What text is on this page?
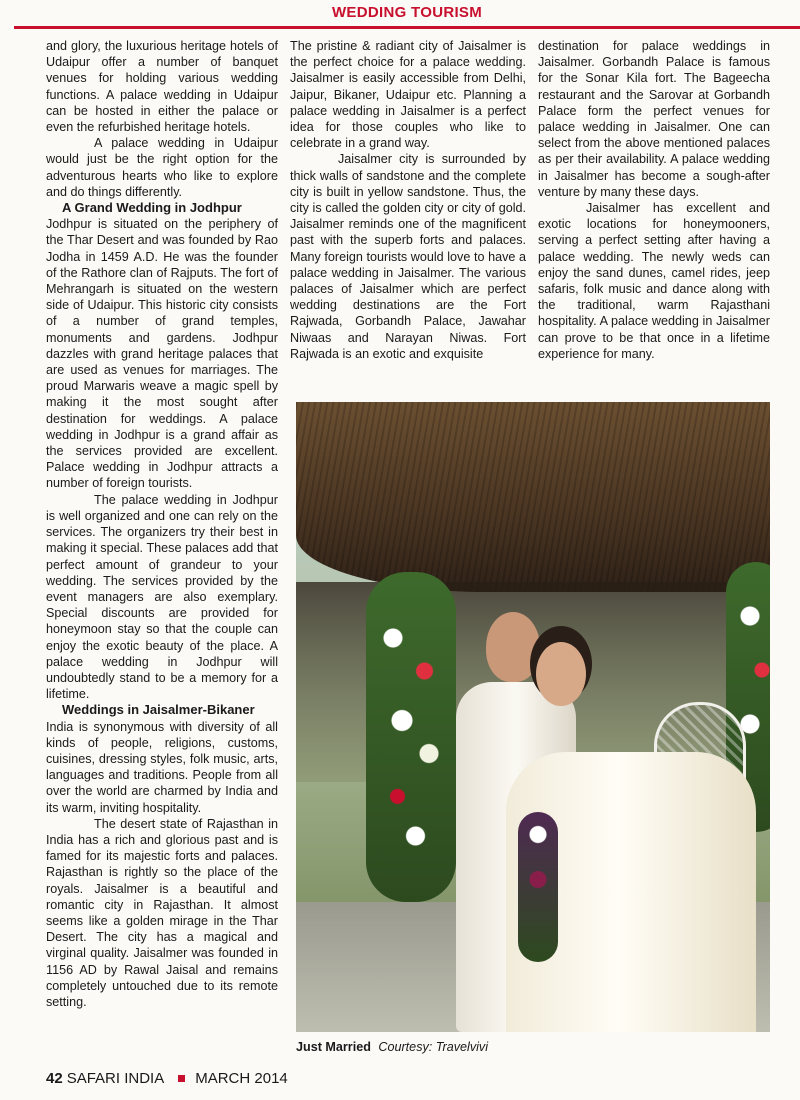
WEDDING TOURISM

and glory, the luxurious heritage hotels of Udaipur offer a number of banquet venues for holding various wedding functions. A palace wedding in Udaipur can be hosted in either the palace or even the refurbished heritage hotels.

A palace wedding in Udaipur would just be the right option for the adventurous hearts who like to explore and do things differently.

A Grand Wedding in Jodhpur

Jodhpur is situated on the periphery of the Thar Desert and was founded by Rao Jodha in 1459 A.D. He was the founder of the Rathore clan of Rajputs. The fort of Mehrangarh is situated on the western side of Udaipur. This historic city consists of a number of grand temples, monuments and gardens. Jodhpur dazzles with grand heritage palaces that are used as venues for marriages. The proud Marwaris weave a magic spell by making it the most sought after destination for weddings. A palace wedding in Jodhpur is a grand affair as the services provided are excellent. Palace wedding in Jodhpur attracts a number of foreign tourists.

The palace wedding in Jodhpur is well organized and one can rely on the services. The organizers try their best in making it special. These palaces add that perfect amount of grandeur to your wedding. The services provided by the event managers are also exemplary. Special discounts are provided for honeymoon stay so that the couple can enjoy the exotic beauty of the place. A palace wedding in Jodhpur will undoubtedly stand to be a memory for a lifetime.

Weddings in Jaisalmer-Bikaner

India is synonymous with diversity of all kinds of people, religions, customs, cuisines, dressing styles, folk music, arts, languages and traditions. People from all over the world are charmed by India and its warm, inviting hospitality.

The desert state of Rajasthan in India has a rich and glorious past and is famed for its majestic forts and palaces. Rajasthan is rightly so the place of the royals. Jaisalmer is a beautiful and romantic city in Rajasthan. It almost seems like a golden mirage in the Thar Desert. The city has a magical and virginal quality. Jaisalmer was founded in 1156 AD by Rawal Jaisal and remains completely untouched due to its remote setting.

The pristine & radiant city of Jaisalmer is the perfect choice for a palace wedding. Jaisalmer is easily accessible from Delhi, Jaipur, Bikaner, Udaipur etc. Planning a palace wedding in Jaisalmer is a perfect idea for those couples who like to celebrate in a grand way.

Jaisalmer city is surrounded by thick walls of sandstone and the complete city is built in yellow sandstone. Thus, the city is called the golden city or city of gold. Jaisalmer reminds one of the magnificent past with the superb forts and palaces. Many foreign tourists would love to have a palace wedding in Jaisalmer. The various palaces of Jaisalmer which are perfect wedding destinations are the Fort Rajwada, Gorbandh Palace, Jawahar Niwaas and Narayan Niwas. Fort Rajwada is an exotic and exquisite

destination for palace weddings in Jaisalmer. Gorbandh Palace is famous for the Sonar Kila fort. The Bageecha restaurant and the Sarovar at Gorbandh Palace form the perfect venues for palace wedding in Jaisalmer. One can select from the above mentioned palaces as per their availability. A palace wedding in Jaisalmer has become a sough-after venture by many these days.

Jaisalmer has excellent and exotic locations for honeymooners, serving a perfect setting after having a palace wedding. The newly weds can enjoy the sand dunes, camel rides, jeep safaris, folk music and dance along with the traditional, warm Rajasthani hospitality. A palace wedding in Jaisalmer can prove to be that once in a lifetime experience for many.

Just Married Courtesy: Travelvivi
42 SAFARI INDIA MARCH 2014
